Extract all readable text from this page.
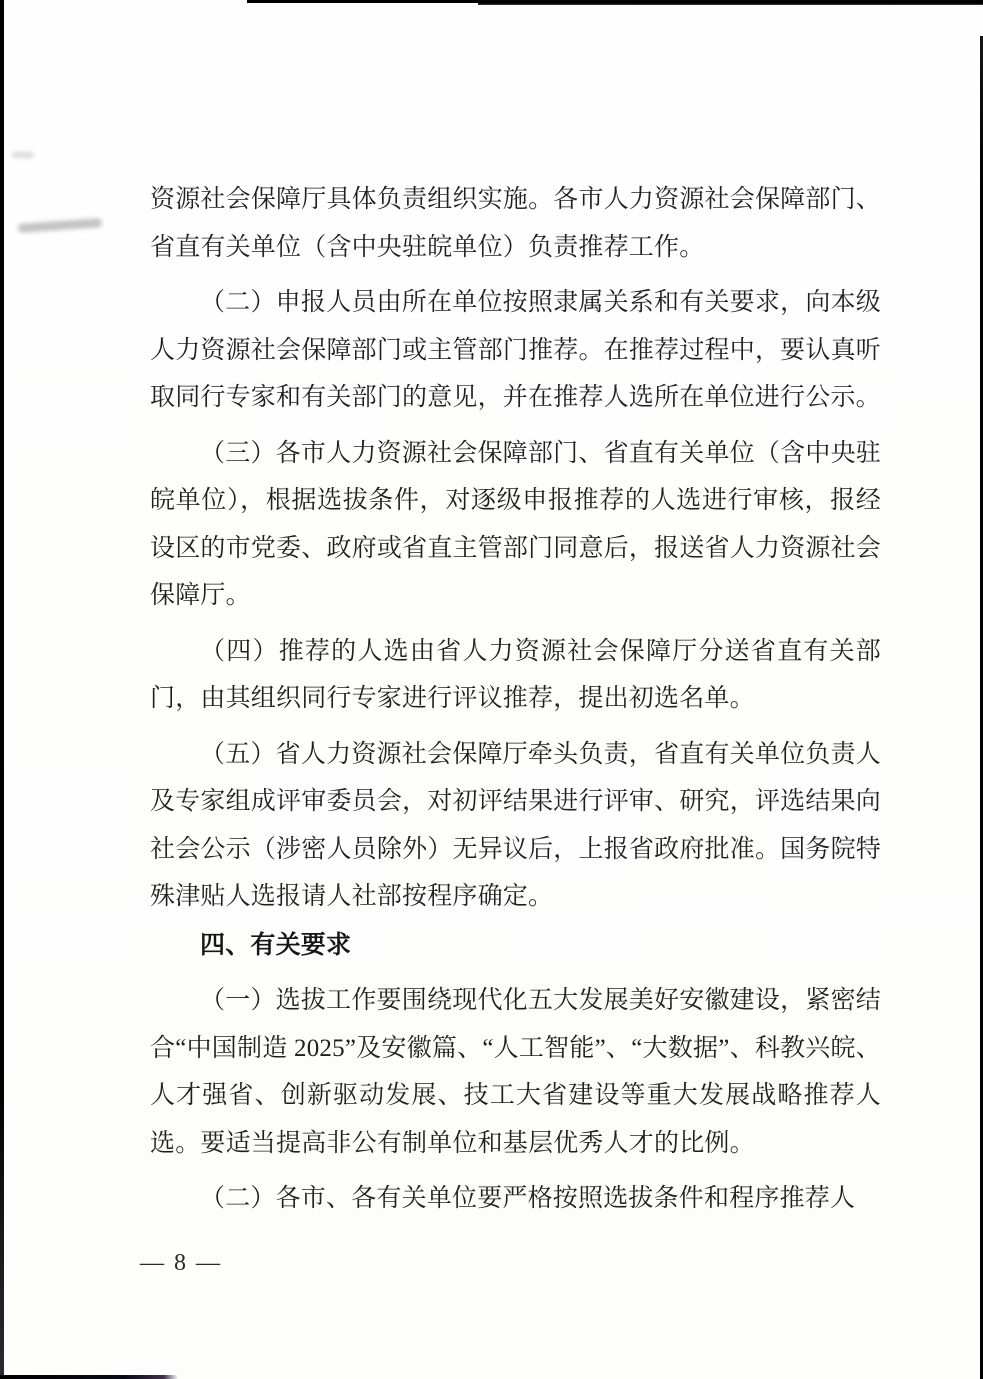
资源社会保障厅具体负责组织实施。各市人力资源社会保障部门、省直有关单位（含中央驻皖单位）负责推荐工作。

（二）申报人员由所在单位按照隶属关系和有关要求，向本级人力资源社会保障部门或主管部门推荐。在推荐过程中，要认真听取同行专家和有关部门的意见，并在推荐人选所在单位进行公示。

（三）各市人力资源社会保障部门、省直有关单位（含中央驻皖单位），根据选拔条件，对逐级申报推荐的人选进行审核，报经设区的市党委、政府或省直主管部门同意后，报送省人力资源社会保障厅。

（四）推荐的人选由省人力资源社会保障厅分送省直有关部门，由其组织同行专家进行评议推荐，提出初选名单。

（五）省人力资源社会保障厅牵头负责，省直有关单位负责人及专家组成评审委员会，对初评结果进行评审、研究，评选结果向社会公示（涉密人员除外）无异议后，上报省政府批准。国务院特殊津贴人选报请人社部按程序确定。

四、有关要求

（一）选拔工作要围绕现代化五大发展美好安徽建设，紧密结合“中国制造 2025”及安徽篇、“人工智能”、“大数据”、科教兴皖、人才强省、创新驱动发展、技工大省建设等重大发展战略推荐人选。要适当提高非公有制单位和基层优秀人才的比例。

（二）各市、各有关单位要严格按照选拔条件和程序推荐人

— 8 —
